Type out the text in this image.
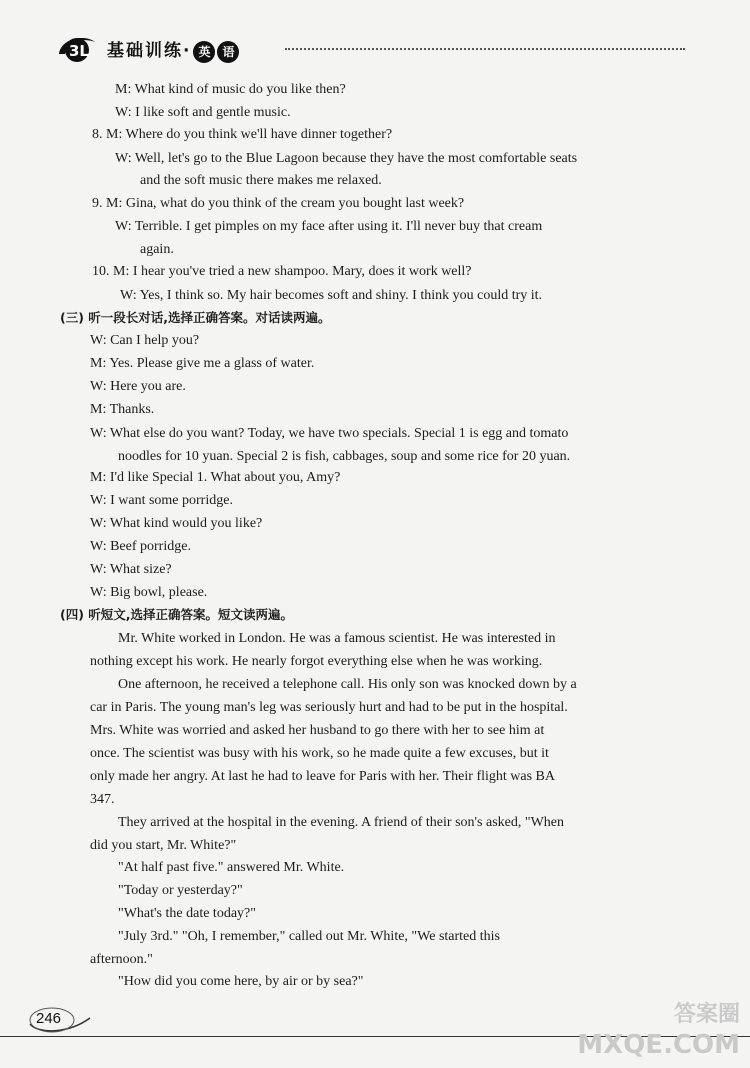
3L 基础训练· 英 语
M: What kind of music do you like then?
W: I like soft and gentle music.
8. M: Where do you think we'll have dinner together?
W: Well, let's go to the Blue Lagoon because they have the most comfortable seats
and the soft music there makes me relaxed.
9. M: Gina, what do you think of the cream you bought last week?
W: Terrible. I get pimples on my face after using it. I'll never buy that cream
again.
10. M: I hear you've tried a new shampoo. Mary, does it work well?
W: Yes, I think so. My hair becomes soft and shiny. I think you could try it.
(三) 听一段长对话,选择正确答案。对话读两遍。
W: Can I help you?
M: Yes. Please give me a glass of water.
W: Here you are.
M: Thanks.
W: What else do you want? Today, we have two specials. Special 1 is egg and tomato
noodles for 10 yuan. Special 2 is fish, cabbages, soup and some rice for 20 yuan.
M: I'd like Special 1. What about you, Amy?
W: I want some porridge.
W: What kind would you like?
W: Beef porridge.
W: What size?
W: Big bowl, please.
(四) 听短文,选择正确答案。短文读两遍。
Mr. White worked in London. He was a famous scientist. He was interested in
nothing except his work. He nearly forgot everything else when he was working.
One afternoon, he received a telephone call. His only son was knocked down by a
car in Paris. The young man's leg was seriously hurt and had to be put in the hospital.
Mrs. White was worried and asked her husband to go there with her to see him at
once. The scientist was busy with his work, so he made quite a few excuses, but it
only made her angry. At last he had to leave for Paris with her. Their flight was BA
347.
They arrived at the hospital in the evening. A friend of their son's asked, "When
did you start, Mr. White?"
"At half past five." answered Mr. White.
"Today or yesterday?"
"What's the date today?"
"July 3rd." "Oh, I remember," called out Mr. White, "We started this
afternoon."
"How did you come here, by air or by sea?"
246	答案圈
MXQE.COM
